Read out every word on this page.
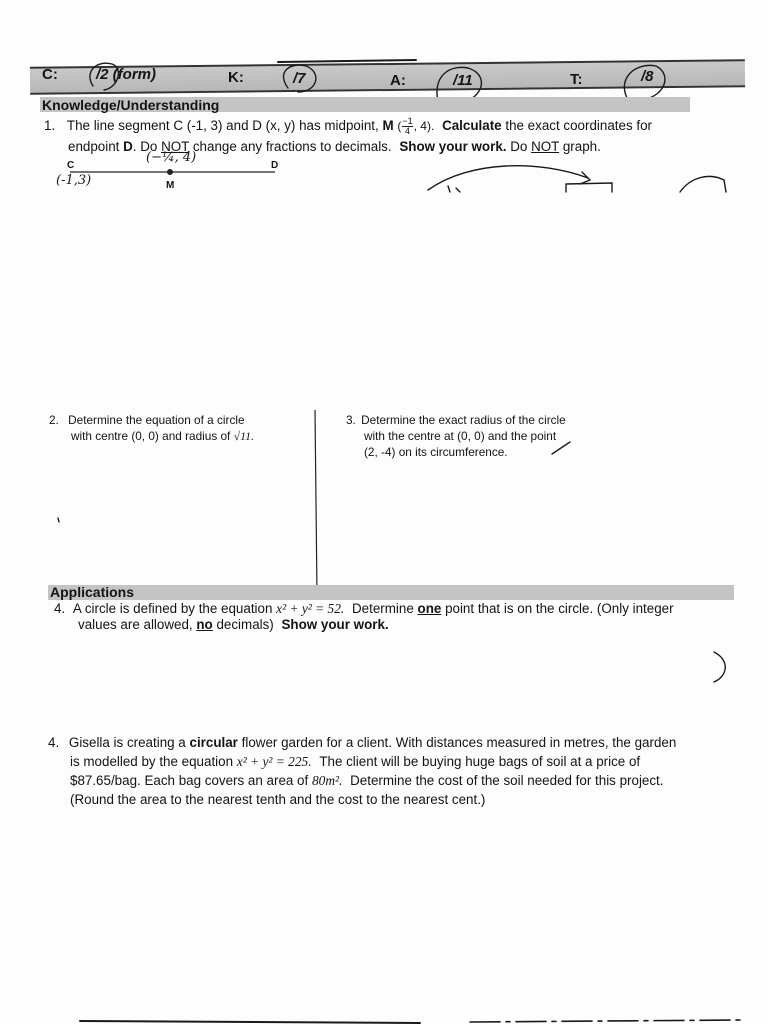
C:	/2 (form)	K:	/7	A:	/11	T:	/8
Knowledge/Understanding
1. The line segment C (-1, 3) and D (x, y) has midpoint, M ( −1
4 , 4 ). Calculate the exact coordinates for
endpoint D. Do NOT change any fractions to decimals. Show your work. Do NOT graph.
C	D
M
(-1,3)
(−¼, 4)
2. Determine the equation of a circle
with centre (0, 0) and radius of √11.
3. Determine the exact radius of the circle
with the centre at (0, 0) and the point
(2, -4) on its circumference.
Applications
4. A circle is defined by the equation x² + y² = 52. Determine one point that is on the circle. (Only integer
values are allowed, no decimals) Show your work.
4. Gisella is creating a circular flower garden for a client. With distances measured in metres, the garden
is modelled by the equation x² + y² = 225. The client will be buying huge bags of soil at a price of
$87.65/bag. Each bag covers an area of 80m². Determine the cost of the soil needed for this project.
(Round the area to the nearest tenth and the cost to the nearest cent.)
